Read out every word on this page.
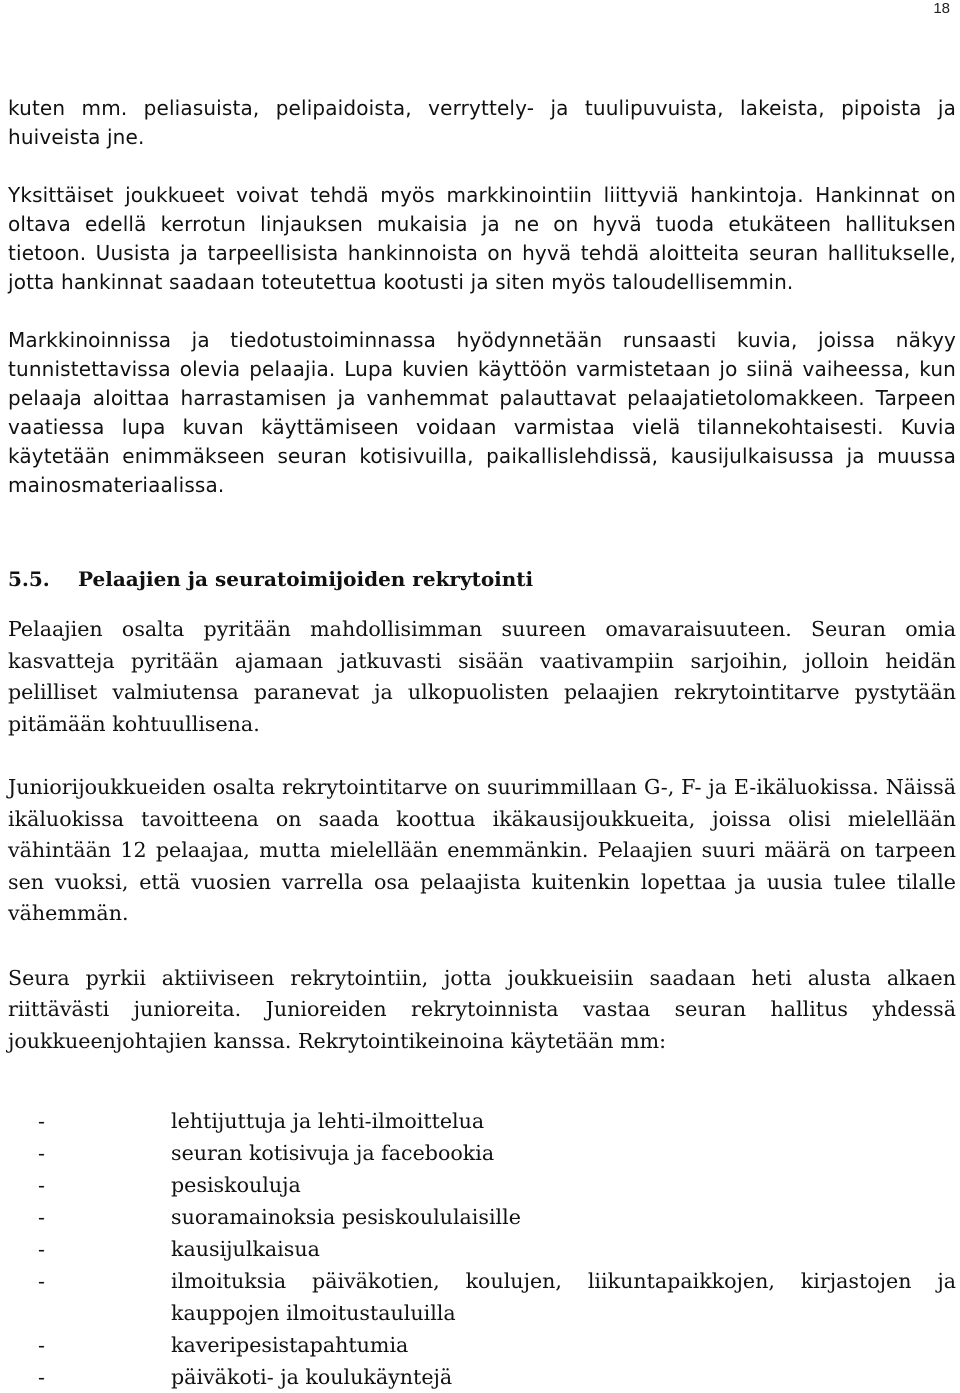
18

kuten mm. peliasuista, pelipaidoista, verryttely- ja tuulipuvuista, lakeista, pipoista ja huiveista jne.

Yksittäiset joukkueet voivat tehdä myös markkinointiin liittyviä hankintoja. Hankinnat on oltava edellä kerrotun linjauksen mukaisia ja ne on hyvä tuoda etukäteen hallituksen tietoon. Uusista ja tarpeellisista hankinnoista on hyvä tehdä aloitteita seuran hallitukselle, jotta hankinnat saadaan toteutettua kootusti ja siten myös taloudellisemmin.

Markkinoinnissa ja tiedotustoiminnassa hyödynnetään runsaasti kuvia, joissa näkyy tunnistettavissa olevia pelaajia. Lupa kuvien käyttöön varmistetaan jo siinä vaiheessa, kun pelaaja aloittaa harrastamisen ja vanhemmat palauttavat pelaajatietolomakkeen. Tarpeen vaatiessa lupa kuvan käyttämiseen voidaan varmistaa vielä tilannekohtaisesti. Kuvia käytetään enimmäkseen seuran kotisivuilla, paikallislehdissä, kausijulkaisussa ja muussa mainosmateriaalissa.

5.5. Pelaajien ja seuratoimijoiden rekrytointi

Pelaajien osalta pyritään mahdollisimman suureen omavaraisuuteen. Seuran omia kasvatteja pyritään ajamaan jatkuvasti sisään vaativampiin sarjoihin, jolloin heidän pelilliset valmiutensa paranevat ja ulkopuolisten pelaajien rekrytointitarve pystytään pitämään kohtuullisena.

Juniorijoukkueiden osalta rekrytointitarve on suurimmillaan G-, F- ja E-ikäluokissa. Näissä ikäluokissa tavoitteena on saada koottua ikäkausijoukkueita, joissa olisi mielellään vähintään 12 pelaajaa, mutta mielellään enemmänkin. Pelaajien suuri määrä on tarpeen sen vuoksi, että vuosien varrella osa pelaajista kuitenkin lopettaa ja uusia tulee tilalle vähemmän.

Seura pyrkii aktiiviseen rekrytointiin, jotta joukkueisiin saadaan heti alusta alkaen riittävästi junioreita. Junioreiden rekrytoinnista vastaa seuran hallitus yhdessä joukkueenjohtajien kanssa. Rekrytointikeinoina käytetään mm:

-	lehtijuttuja ja lehti-ilmoittelua
-	seuran kotisivuja ja facebookia
-	pesiskouluja
-	suoramainoksia pesiskoululaisille
-	kausijulkaisua
-	ilmoituksia päiväkotien, koulujen, liikuntapaikkojen, kirjastojen ja kauppojen ilmoitustauluilla
-	kaveripesistapahtumia
-	päiväkoti- ja koulukäyntejä
